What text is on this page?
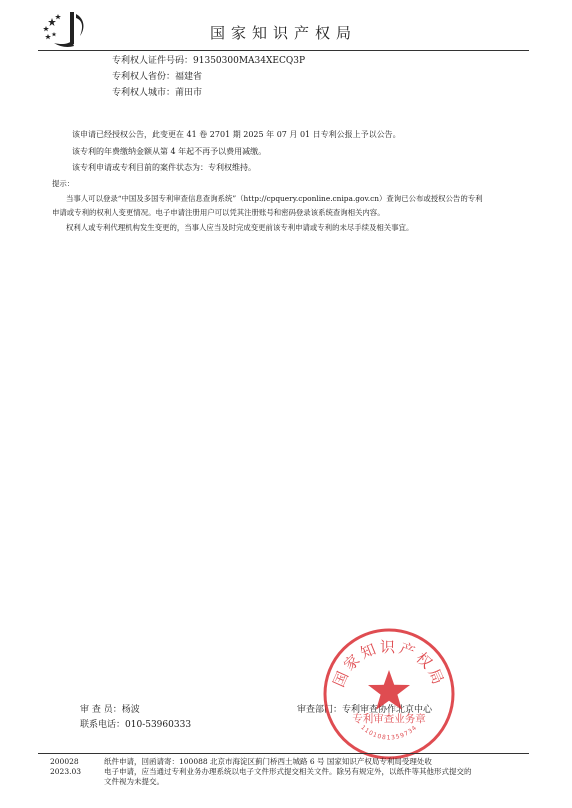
国家知识产权局
专利权人证件号码：91350300MA34XECQ3P
专利权人省份：福建省
专利权人城市：莆田市
该申请已经授权公告，此变更在 41 卷 2701 期 2025 年 07 月 01 日专利公报上予以公告。
该专利的年费缴纳金额从第 4 年起不再予以费用减缴。
该专利申请或专利目前的案件状态为：专利权维持。
提示：
当事人可以登录“中国及多国专利审查信息查询系统”（http://cpquery.cponline.cnipa.gov.cn）查询已公布或授权公告的专利
申请或专利的权利人变更情况。电子申请注册用户可以凭其注册账号和密码登录该系统查询相关内容。
权利人或专利代理机构发生变更的，当事人应当及时完成变更前该专利申请或专利的未尽手续及相关事宜。
审 查 员：杨波
联系电话：010-53960333
审查部门：专利审查协作北京中心
国家知识产权局
专利审查业务章
1101081359734
200028
2023.03
纸件申请，回函请寄：100088 北京市海淀区蓟门桥西土城路 6 号 国家知识产权局专利局受理处收
电子申请，应当通过专利业务办理系统以电子文件形式提交相关文件。除另有规定外，以纸件等其他形式提交的
文件视为未提交。
